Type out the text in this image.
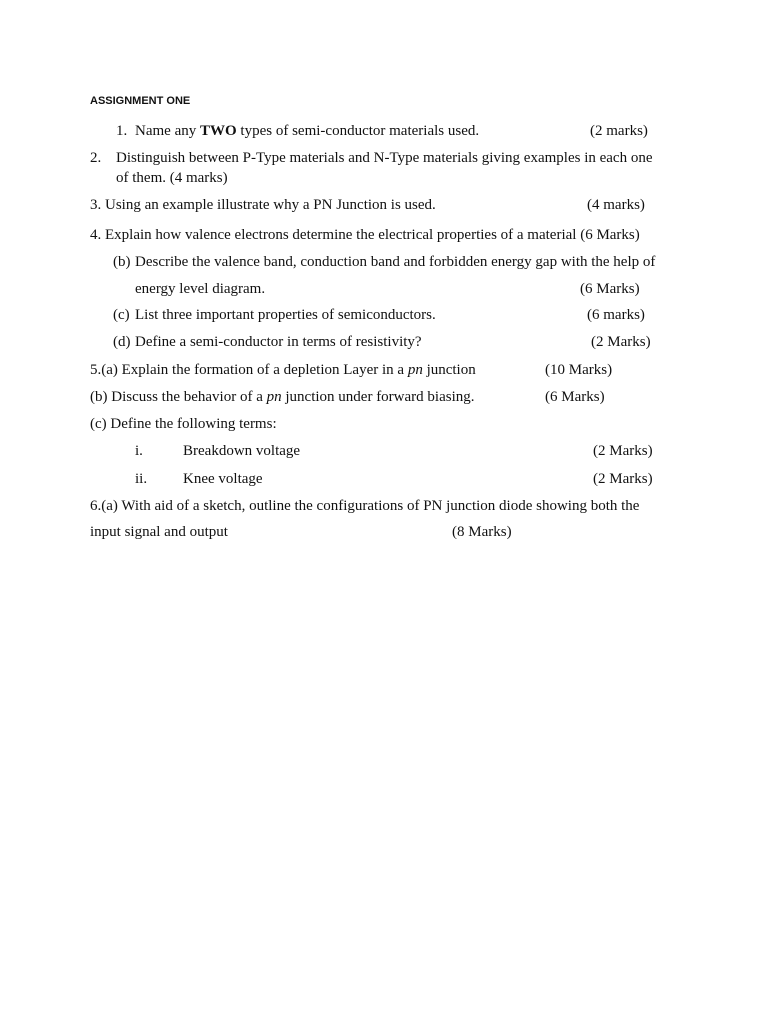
ASSIGNMENT ONE
1. Name any TWO types of semi-conductor materials used.	(2 marks)
2. Distinguish between P-Type materials and N-Type materials giving examples in each one
of them. (4 marks)
3. Using an example illustrate why a PN Junction is used.	(4 marks)
4. Explain how valence electrons determine the electrical properties of a material (6 Marks)
(b) Describe the valence band, conduction band and forbidden energy gap with the help of
energy level diagram.	(6 Marks)
(c) List three important properties of semiconductors.	(6 marks)
(d) Define a semi-conductor in terms of resistivity?	(2 Marks)
5.(a) Explain the formation of a depletion Layer in a pn junction	(10 Marks)
(b) Discuss the behavior of a pn junction under forward biasing.	(6 Marks)
(c) Define the following terms:
i.	Breakdown voltage	(2 Marks)
ii. Knee voltage	(2 Marks)
6.(a) With aid of a sketch, outline the configurations of PN junction diode showing both the
input signal and output	(8 Marks)
